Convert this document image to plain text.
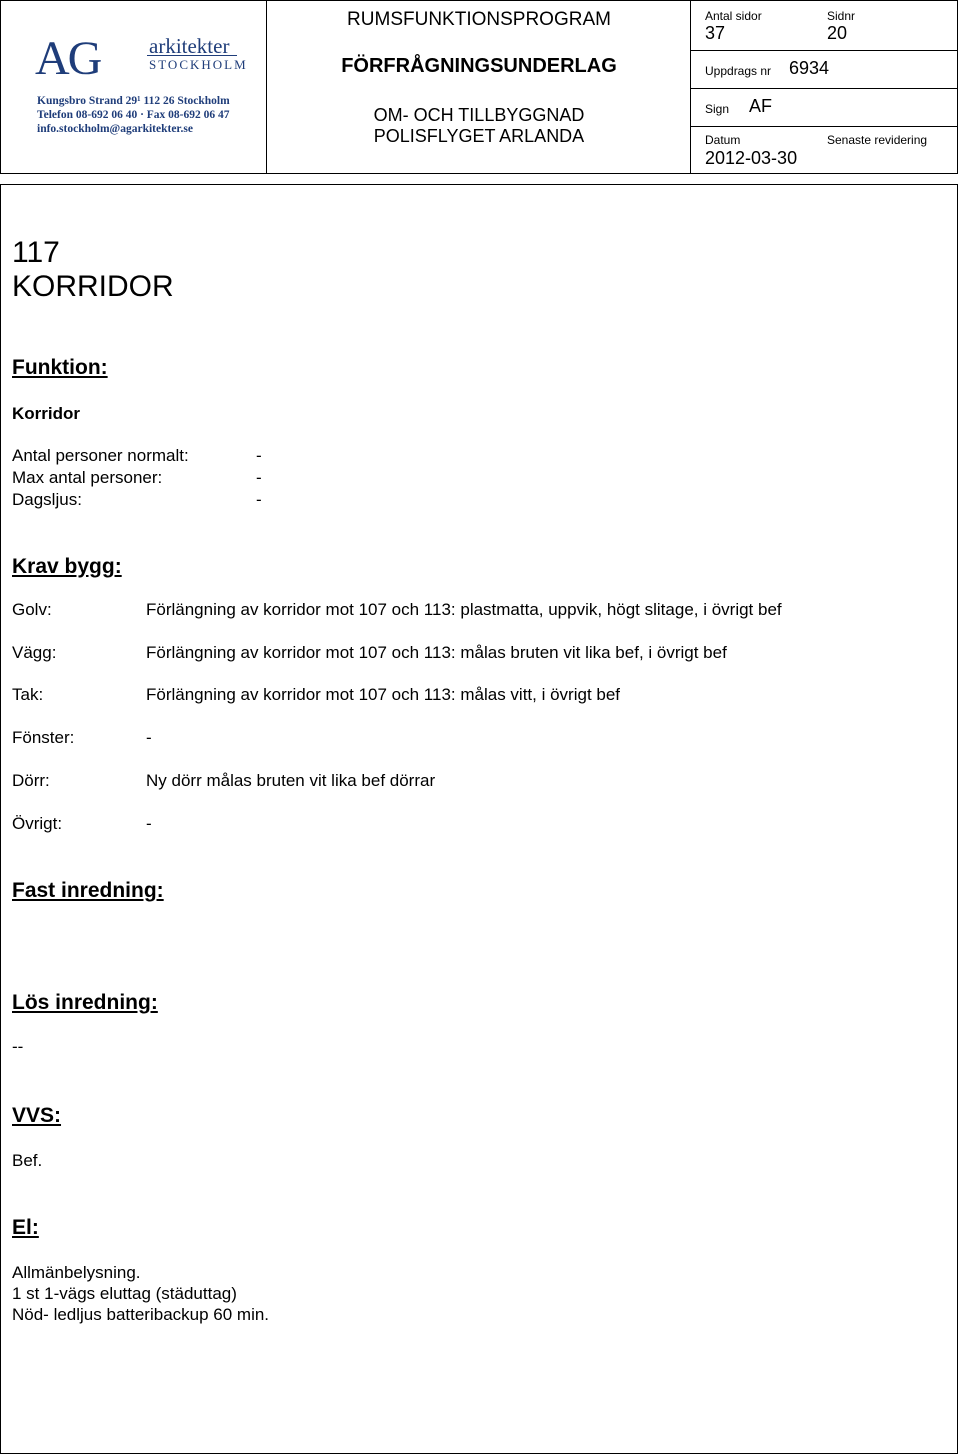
AG arkitekter
STOCKHOLM
Kungsbro Strand 29¹ 112 26 Stockholm
Telefon 08-692 06 40 · Fax 08-692 06 47
info.stockholm@agarkitekter.se
RUMSFUNKTIONSPROGRAM
FÖRFRÅGNINGSUNDERLAG
OM- OCH TILLBYGGNAD
POLISFLYGET ARLANDA
Antal sidor
37
Sidnr
20
Uppdrags nr 6934
Sign AF
Datum
2012-03-30
Senaste revidering
117
KORRIDOR
Funktion:
Korridor
Antal personer normalt:	-
Max antal personer:	-
Dagsljus:	-
Krav bygg:
Golv:	Förlängning av korridor mot 107 och 113: plastmatta, uppvik, högt slitage, i övrigt bef
Vägg:	Förlängning av korridor mot 107 och 113: målas bruten vit lika bef, i övrigt bef
Tak:	Förlängning av korridor mot 107 och 113: målas vitt, i övrigt bef
Fönster:	-
Dörr:	Ny dörr målas bruten vit lika bef dörrar
Övrigt:	-
Fast inredning:
Lös inredning:
--
VVS:
Bef.
El:
Allmänbelysning.
1 st 1-vägs eluttag (städuttag)
Nöd- ledljus batteribackup 60 min.
